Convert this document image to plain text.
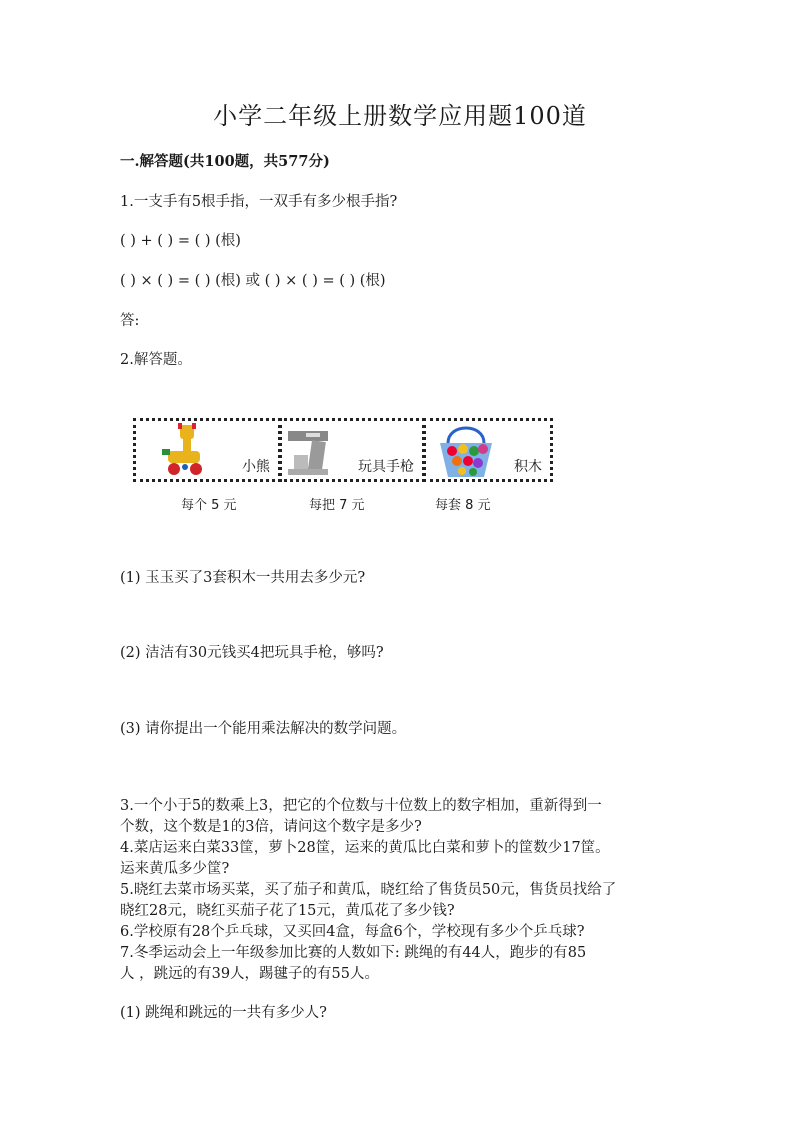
小学二年级上册数学应用题100道
一.解答题(共100题，共577分)
1.一支手有5根手指，一双手有多少根手指?
( ) + ( ) = ( ) (根)
( ) × ( ) = ( ) (根) 或 ( ) × ( ) = ( ) (根)
答:
2.解答题。
小熊	玩具手枪	积木
每个 5 元	每把 7 元	每套 8 元
(1) 玉玉买了3套积木一共用去多少元?
(2) 洁洁有30元钱买4把玩具手枪，够吗?
(3) 请你提出一个能用乘法解决的数学问题。
3.一个小于5的数乘上3，把它的个位数与十位数上的数字相加，重新得到一
个数，这个数是1的3倍，请问这个数字是多少?
4.菜店运来白菜33筐，萝卜28筐，运来的黄瓜比白菜和萝卜的筐数少17筐。
运来黄瓜多少筐?
5.晓红去菜市场买菜，买了茄子和黄瓜，晓红给了售货员50元，售货员找给了
晓红28元，晓红买茄子花了15元，黄瓜花了多少钱?
6.学校原有28个乒乓球，又买回4盒，每盒6个，学校现有多少个乒乓球?
7.冬季运动会上一年级参加比赛的人数如下: 跳绳的有44人，跑步的有85
人 ，跳远的有39人，踢毽子的有55人。
(1) 跳绳和跳远的一共有多少人?
